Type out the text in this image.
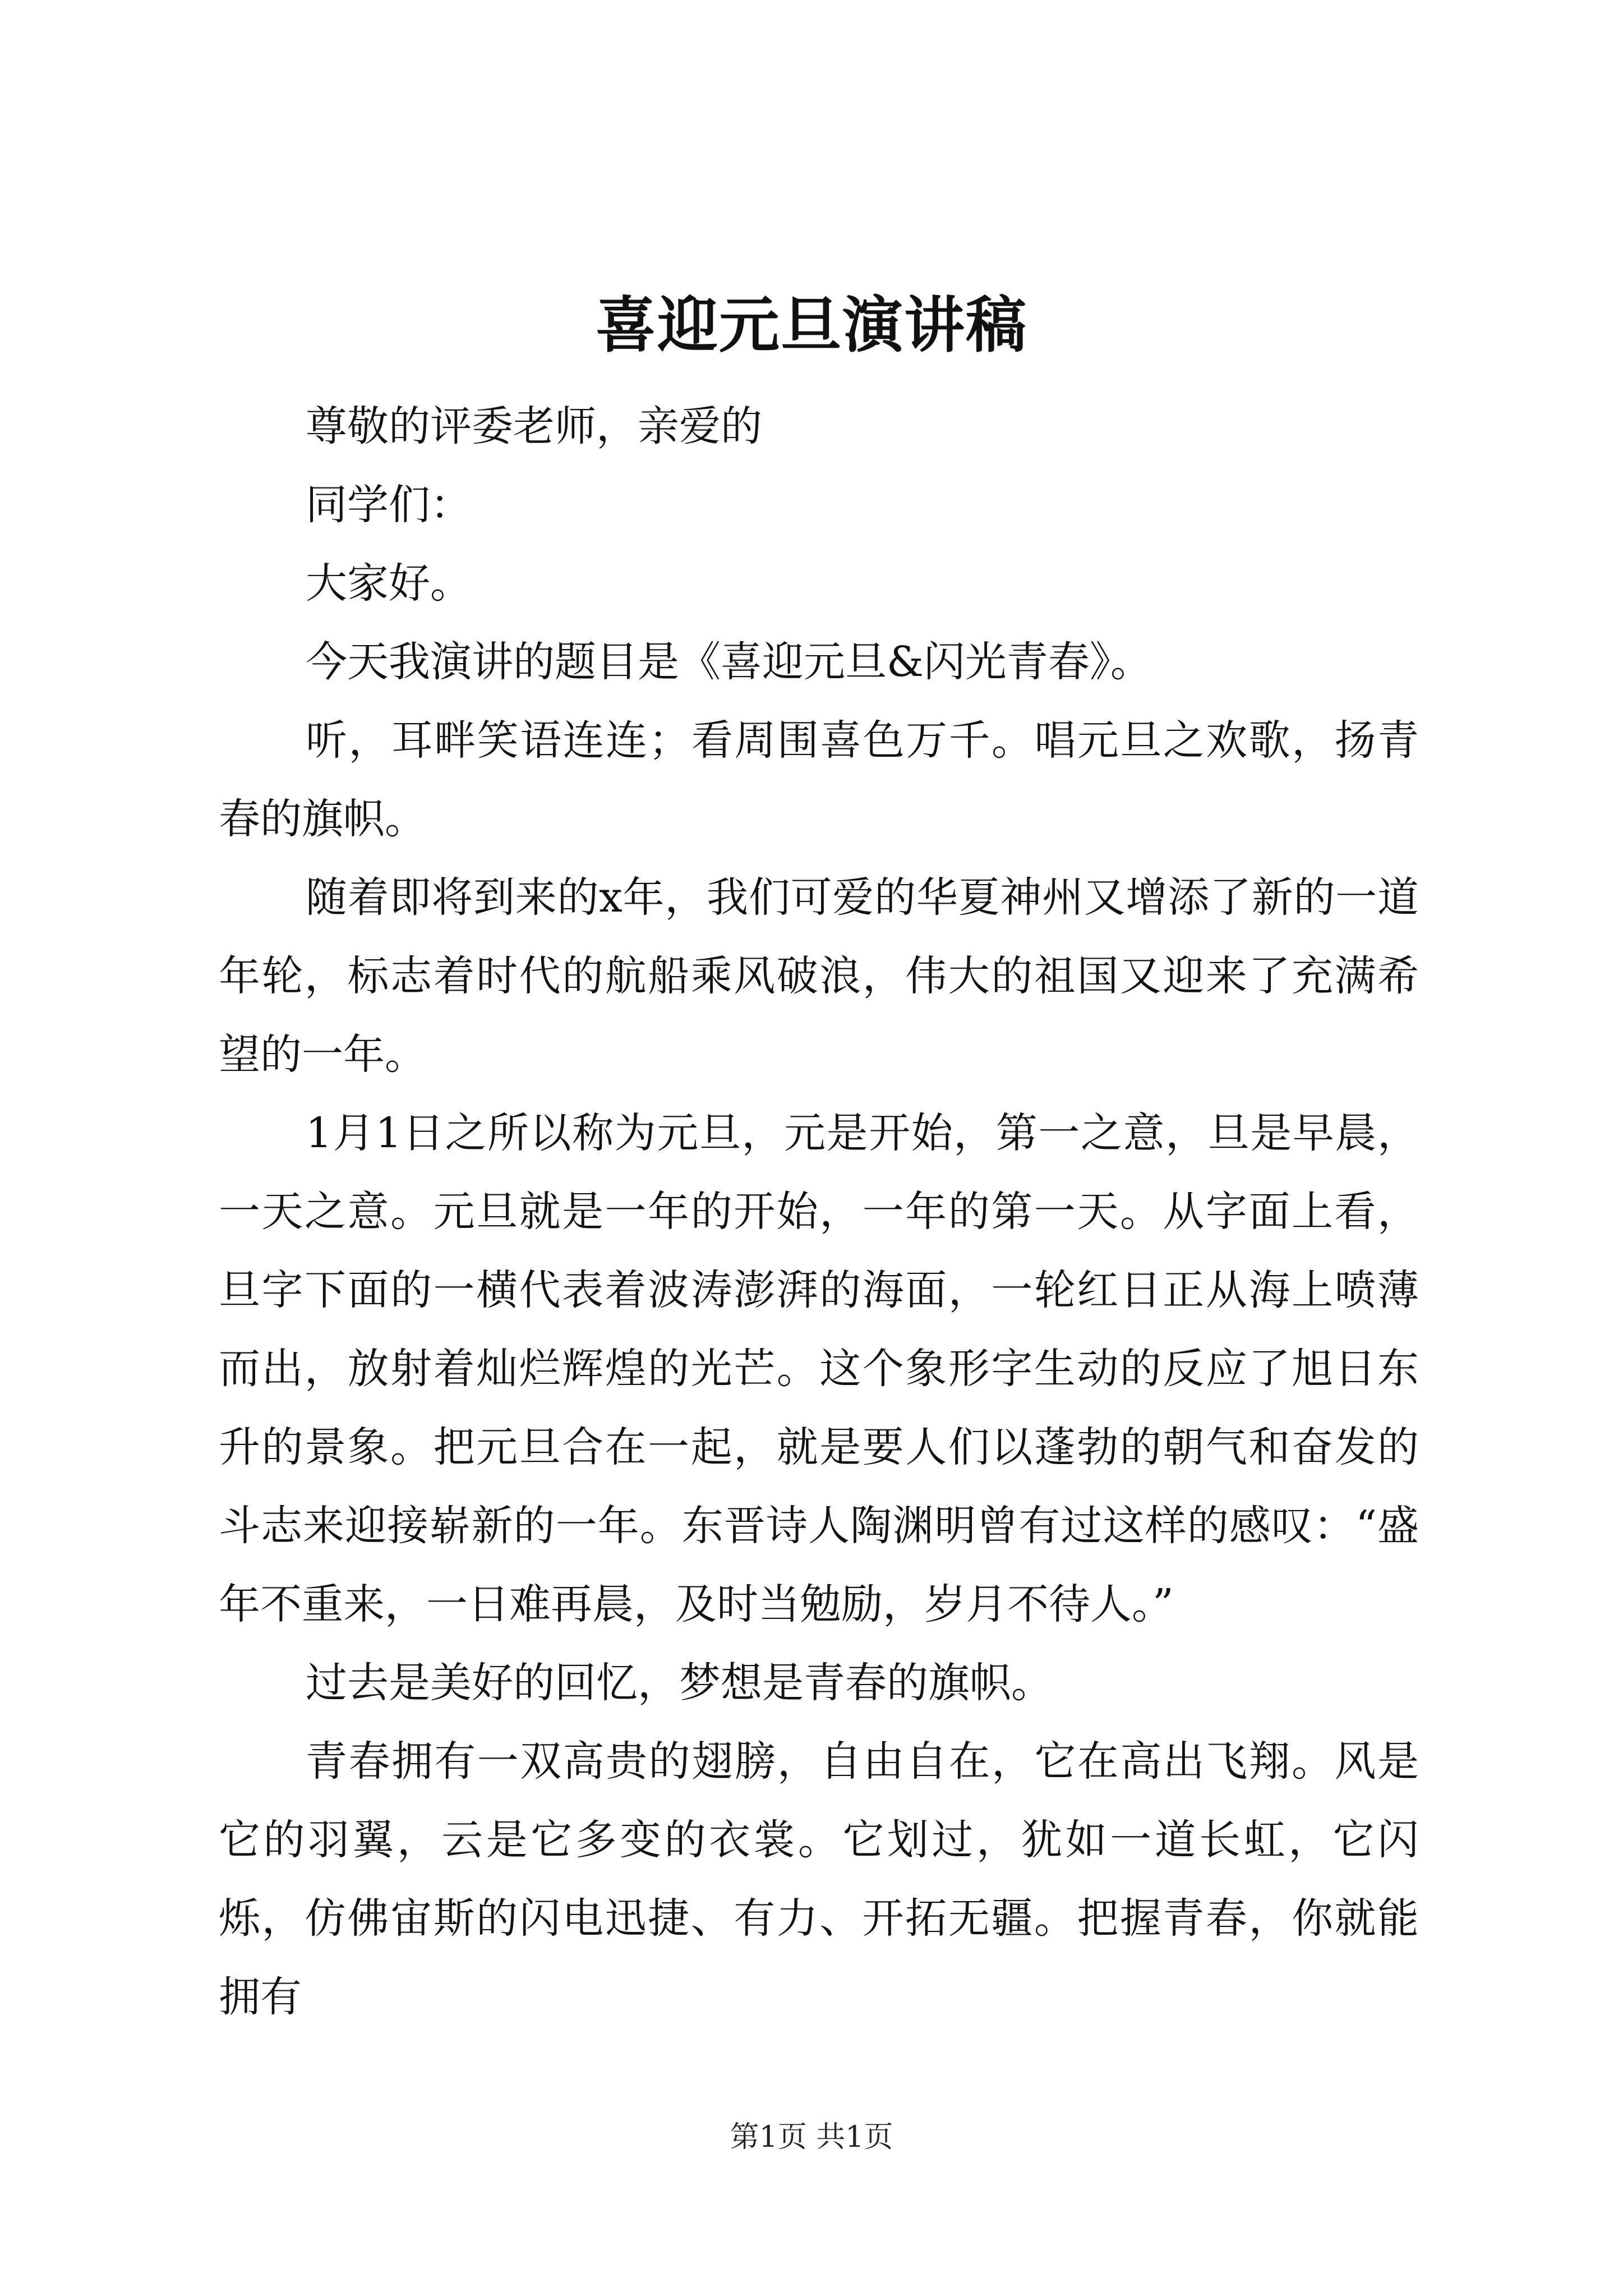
喜迎元旦演讲稿

尊敬的评委老师，亲爱的

同学们：

大家好。

今天我演讲的题目是《喜迎元旦&闪光青春》。

听，耳畔笑语连连；看周围喜色万千。唱元旦之欢歌，扬青春的旗帜。

随着即将到来的x年，我们可爱的华夏神州又增添了新的一道年轮，标志着时代的航船乘风破浪，伟大的祖国又迎来了充满希望的一年。

1月1日之所以称为元旦，元是开始，第一之意，旦是早晨，一天之意。元旦就是一年的开始，一年的第一天。从字面上看，旦字下面的一横代表着波涛澎湃的海面，一轮红日正从海上喷薄而出，放射着灿烂辉煌的光芒。这个象形字生动的反应了旭日东升的景象。把元旦合在一起，就是要人们以蓬勃的朝气和奋发的斗志来迎接崭新的一年。东晋诗人陶渊明曾有过这样的感叹：“盛年不重来，一日难再晨，及时当勉励，岁月不待人。”

过去是美好的回忆，梦想是青春的旗帜。

青春拥有一双高贵的翅膀，自由自在，它在高出飞翔。风是它的羽翼，云是它多变的衣裳。它划过，犹如一道长虹，它闪烁，仿佛宙斯的闪电迅捷、有力、开拓无疆。把握青春，你就能拥有

第1页 共1页
